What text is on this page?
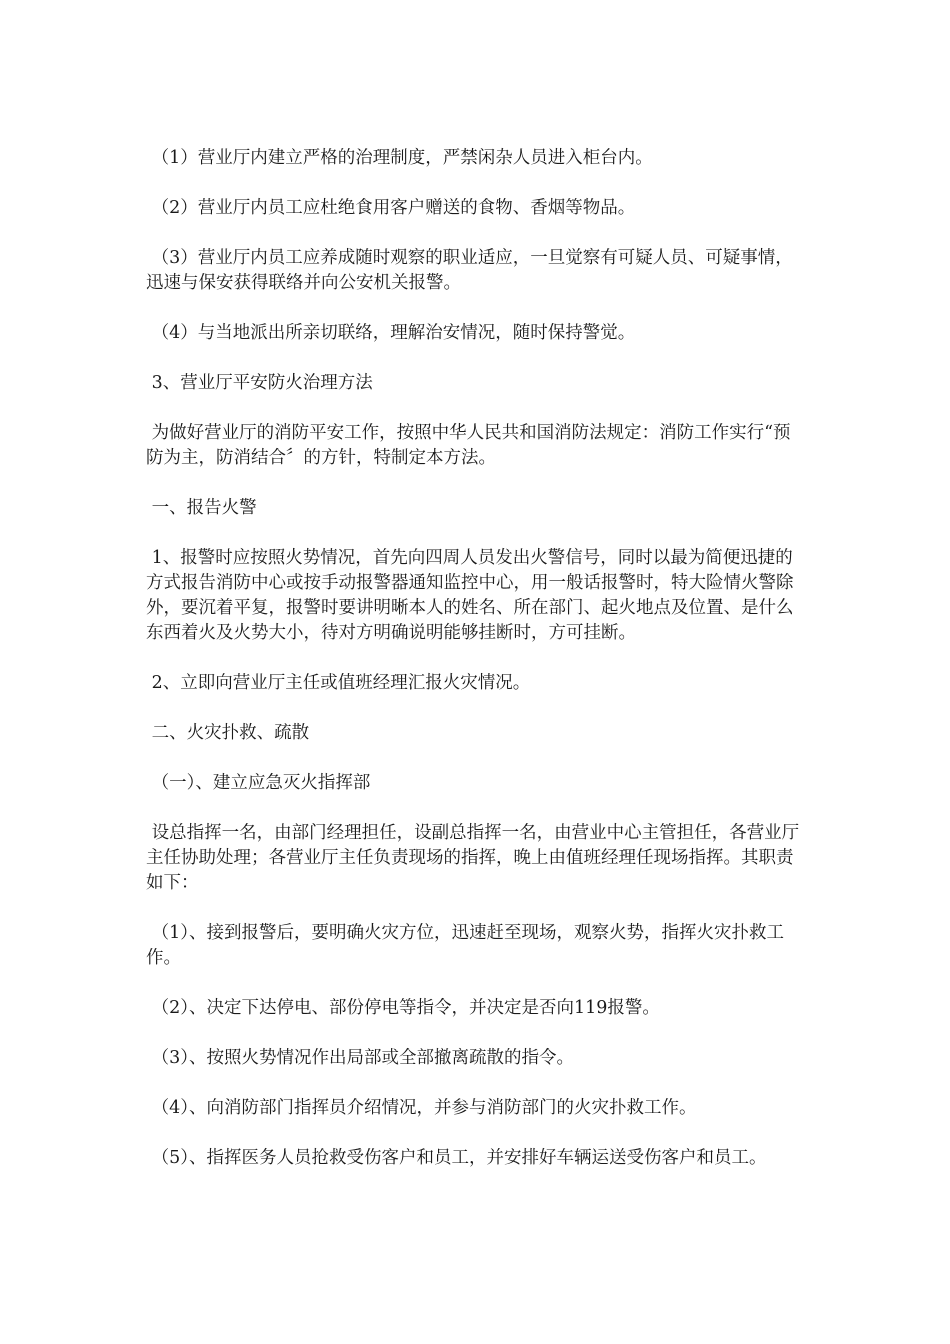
（1）营业厅内建立严格的治理制度，严禁闲杂人员进入柜台内。

（2）营业厅内员工应杜绝食用客户赠送的食物、香烟等物品。

（3）营业厅内员工应养成随时观察的职业适应，一旦觉察有可疑人员、可疑事情，迅速与保安获得联络并向公安机关报警。

（4）与当地派出所亲切联络，理解治安情况，随时保持警觉。

3、营业厅平安防火治理方法

为做好营业厅的消防平安工作，按照中华人民共和国消防法规定：消防工作实行“预防为主，防消结合〞的方针，特制定本方法。

一、报告火警

1、报警时应按照火势情况，首先向四周人员发出火警信号，同时以最为简便迅捷的方式报告消防中心或按手动报警器通知监控中心，用一般话报警时，特大险情火警除外，要沉着平复，报警时要讲明晰本人的姓名、所在部门、起火地点及位置、是什么东西着火及火势大小，待对方明确说明能够挂断时，方可挂断。

2、立即向营业厅主任或值班经理汇报火灾情况。

二、火灾扑救、疏散

（一）、建立应急灭火指挥部

设总指挥一名，由部门经理担任，设副总指挥一名，由营业中心主管担任，各营业厅主任协助处理；各营业厅主任负责现场的指挥，晚上由值班经理任现场指挥。其职责如下：

（1）、接到报警后，要明确火灾方位，迅速赶至现场，观察火势，指挥火灾扑救工作。

（2）、决定下达停电、部份停电等指令，并决定是否向119报警。

（3）、按照火势情况作出局部或全部撤离疏散的指令。

（4）、向消防部门指挥员介绍情况，并参与消防部门的火灾扑救工作。

（5）、指挥医务人员抢救受伤客户和员工，并安排好车辆运送受伤客户和员工。
